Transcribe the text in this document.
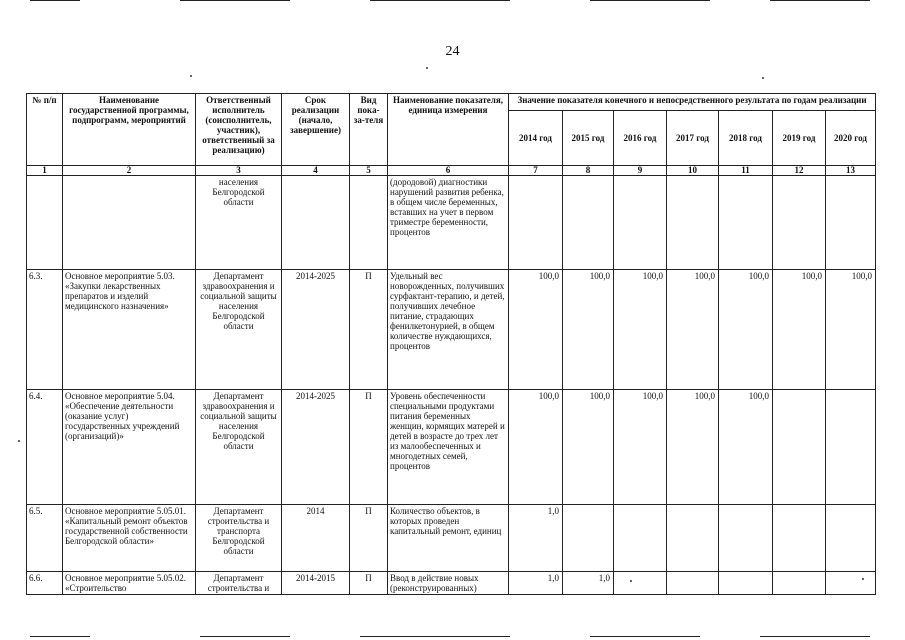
24
№ п/п	Наименование государственной программы, подпрограмм, мероприятий	Ответственный исполнитель (соисполнитель, участник), ответственный за реализацию)	Срок реализации (начало, завершение)	Вид пока-за-теля	Наименование показателя, единица измерения	Значение показателя конечного и непосредственного результата по годам реализации						
						2014 год	2015 год	2016 год	2017 год	2018 год	2019 год	2020 год
1	2	3	4	5	6	7	8	9	10	11	12	13
		населения Белгородской области			(дородовой) диагностики нарушений развития ребенка, в общем числе беременных, вставших на учет в первом триместре беременности, процентов							
6.3.	Основное мероприятие 5.03. «Закупки лекарственных препаратов и изделий медицинского назначения»	Департамент здравоохранения и социальной защиты населения Белгородской области	2014-2025	П	Удельный вес новорожденных, получивших сурфактант-терапию, и детей, получивших лечебное питание, страдающих фенилкетонурией, в общем количестве нуждающихся, процентов	100,0	100,0	100,0	100,0	100,0	100,0	100,0
6.4.	Основное мероприятие 5.04. «Обеспечение деятельности (оказание услуг) государственных учреждений (организаций)»	Департамент здравоохранения и социальной защиты населения Белгородской области	2014-2025	П	Уровень обеспеченности специальными продуктами питания беременных женщин, кормящих матерей и детей в возрасте до трех лет из малообеспеченных и многодетных семей, процентов	100,0	100,0	100,0	100,0	100,0		
6.5.	Основное мероприятие 5.05.01. «Капитальный ремонт объектов государственной собственности Белгородской области»	Департамент строительства и транспорта Белгородской области	2014	П	Количество объектов, в которых проведен капитальный ремонт, единиц	1,0						
6.6.	Основное мероприятие 5.05.02. «Строительство	Департамент строительства и	2014-2015	П	Ввод в действие новых (реконструированных)	1,0	1,0					
